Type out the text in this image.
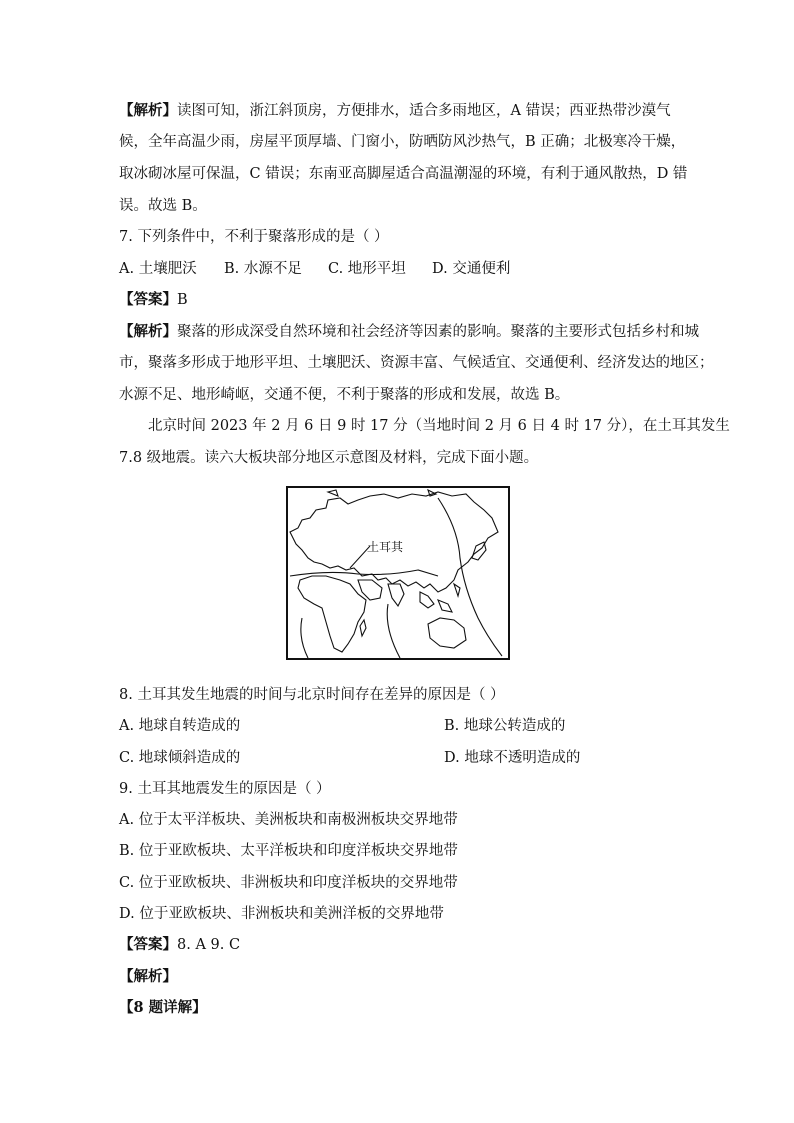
【解析】读图可知，浙江斜顶房，方便排水，适合多雨地区，A 错误；西亚热带沙漠气
候，全年高温少雨，房屋平顶厚墙、门窗小，防晒防风沙热气，B 正确；北极寒冷干燥，
取冰砌冰屋可保温，C 错误；东南亚高脚屋适合高温潮湿的环境，有利于通风散热，D 错
误。故选 B。
7. 下列条件中，不利于聚落形成的是（ ）
A. 土壤肥沃 B. 水源不足 C. 地形平坦 D. 交通便利
【答案】B
【解析】聚落的形成深受自然环境和社会经济等因素的影响。聚落的主要形式包括乡村和城
市，聚落多形成于地形平坦、土壤肥沃、资源丰富、气候适宜、交通便利、经济发达的地区；
水源不足、地形崎岖，交通不便，不利于聚落的形成和发展，故选 B。
北京时间 2023 年 2 月 6 日 9 时 17 分（当地时间 2 月 6 日 4 时 17 分），在土耳其发生
7.8 级地震。读六大板块部分地区示意图及材料，完成下面小题。
土耳其
8. 土耳其发生地震的时间与北京时间存在差异的原因是（ ）
A. 地球自转造成的	B. 地球公转造成的
C. 地球倾斜造成的	D. 地球不透明造成的
9. 土耳其地震发生的原因是（ ）
A. 位于太平洋板块、美洲板块和南极洲板块交界地带
B. 位于亚欧板块、太平洋板块和印度洋板块交界地带
C. 位于亚欧板块、非洲板块和印度洋板块的交界地带
D. 位于亚欧板块、非洲板块和美洲洋板的交界地带
【答案】8. A 9. C
【解析】
【8 题详解】
